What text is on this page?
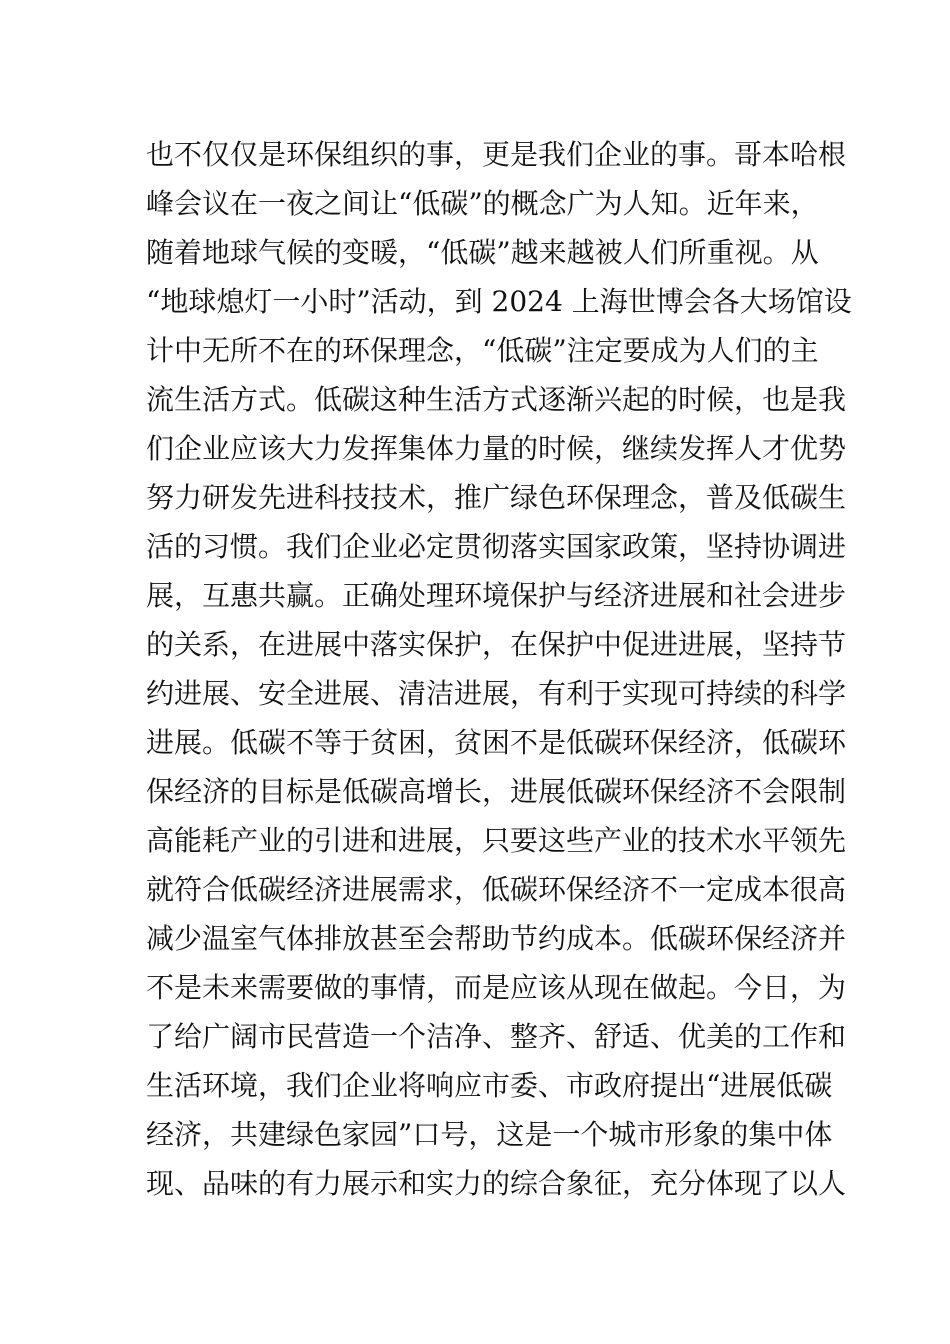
也不仅仅是环保组织的事，更是我们企业的事。哥本哈根
峰会议在一夜之间让“低碳”的概念广为人知。近年来，
随着地球气候的变暖，“低碳”越来越被人们所重视。从
“地球熄灯一小时”活动，到 2024 上海世博会各大场馆设
计中无所不在的环保理念，“低碳”注定要成为人们的主
流生活方式。低碳这种生活方式逐渐兴起的时候，也是我
们企业应该大力发挥集体力量的时候，继续发挥人才优势
努力研发先进科技技术，推广绿色环保理念，普及低碳生
活的习惯。我们企业必定贯彻落实国家政策，坚持协调进
展，互惠共赢。正确处理环境保护与经济进展和社会进步
的关系，在进展中落实保护，在保护中促进进展，坚持节
约进展、安全进展、清洁进展，有利于实现可持续的科学
进展。低碳不等于贫困，贫困不是低碳环保经济，低碳环
保经济的目标是低碳高增长，进展低碳环保经济不会限制
高能耗产业的引进和进展，只要这些产业的技术水平领先
就符合低碳经济进展需求，低碳环保经济不一定成本很高
减少温室气体排放甚至会帮助节约成本。低碳环保经济并
不是未来需要做的事情，而是应该从现在做起。今日，为
了给广阔市民营造一个洁净、整齐、舒适、优美的工作和
生活环境，我们企业将响应市委、市政府提出“进展低碳
经济，共建绿色家园”口号，这是一个城市形象的集中体
现、品味的有力展示和实力的综合象征，充分体现了以人
